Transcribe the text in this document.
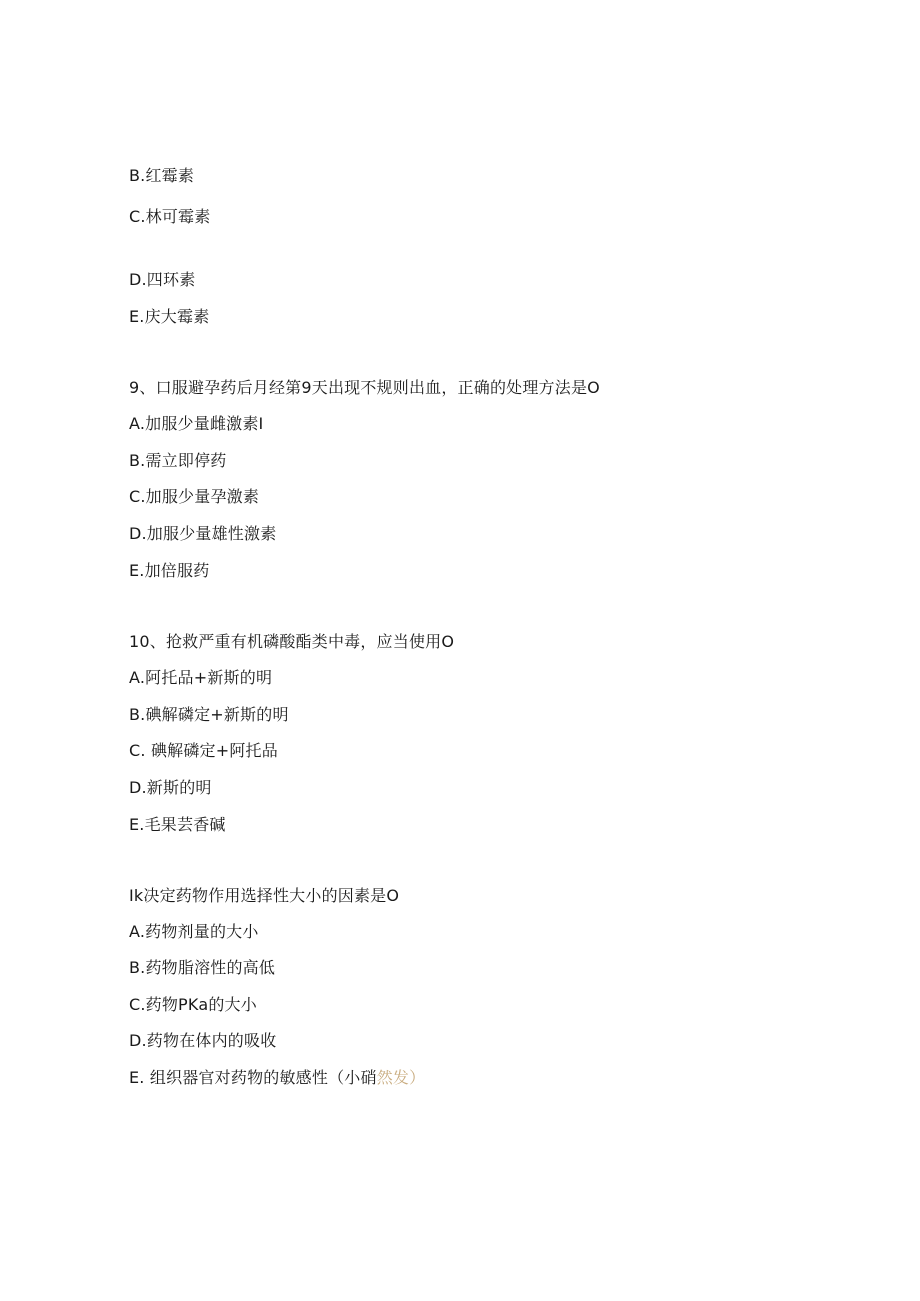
B.红霉素
C.林可霉素
D.四环素
E.庆大霉素
9、口服避孕药后月经第9天出现不规则出血，正确的处理方法是O
A.加服少量雌激素I
B.需立即停药
C.加服少量孕激素
D.加服少量雄性激素
E.加倍服药
10、抢救严重有机磷酸酯类中毒，应当使用O
A.阿托品+新斯的明
B.碘解磷定+新斯的明
C. 碘解磷定+阿托品
D.新斯的明
E.毛果芸香碱
Ik决定药物作用选择性大小的因素是O
A.药物剂量的大小
B.药物脂溶性的高低
C.药物PKa的大小
D.药物在体内的吸收
E. 组织器官对药物的敏感性（小硝然发）
